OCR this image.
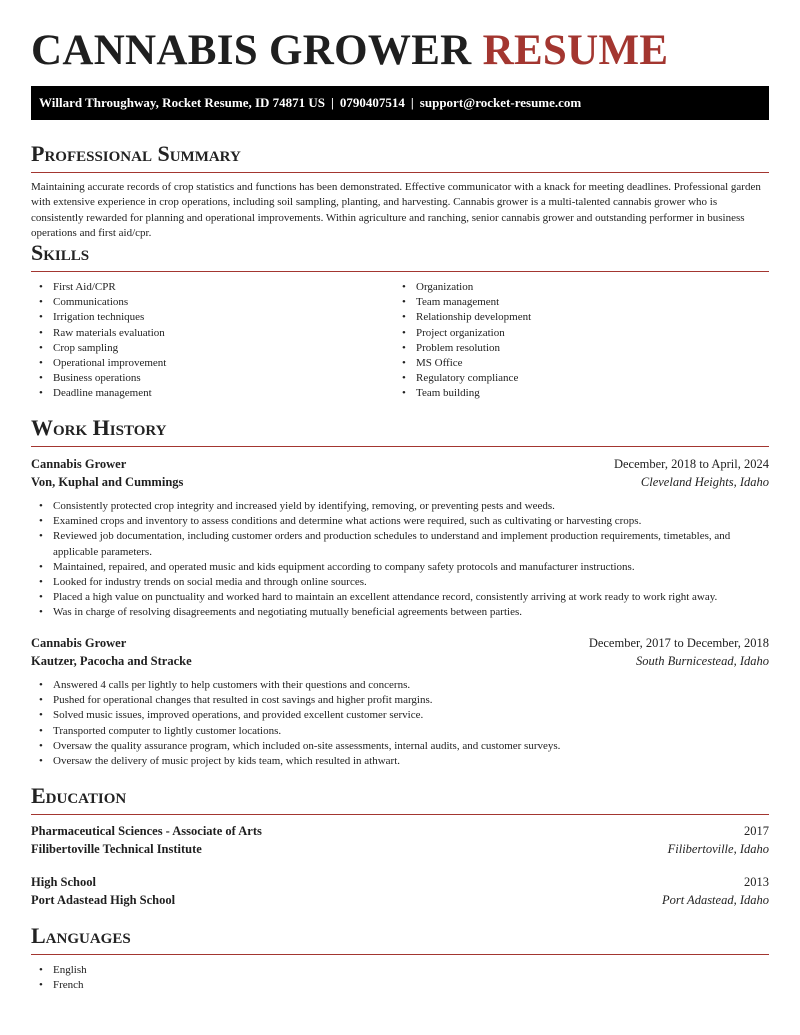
CANNABIS GROWER RESUME
Willard Throughway, Rocket Resume, ID 74871 US | 0790407514 | support@rocket-resume.com
Professional Summary
Maintaining accurate records of crop statistics and functions has been demonstrated. Effective communicator with a knack for meeting deadlines. Professional garden with extensive experience in crop operations, including soil sampling, planting, and harvesting. Cannabis grower is a multi-talented cannabis grower who is consistently rewarded for planning and operational improvements. Within agriculture and ranching, senior cannabis grower and outstanding performer in business operations and first aid/cpr.
Skills
• First Aid/CPR
• Communications
• Irrigation techniques
• Raw materials evaluation
• Crop sampling
• Operational improvement
• Business operations
• Deadline management
• Organization
• Team management
• Relationship development
• Project organization
• Problem resolution
• MS Office
• Regulatory compliance
• Team building
Work History
Cannabis Grower	December, 2018 to April, 2024
Von, Kuphal and Cummings	Cleveland Heights, Idaho
• Consistently protected crop integrity and increased yield by identifying, removing, or preventing pests and weeds.
• Examined crops and inventory to assess conditions and determine what actions were required, such as cultivating or harvesting crops.
• Reviewed job documentation, including customer orders and production schedules to understand and implement production requirements, timetables, and applicable parameters.
• Maintained, repaired, and operated music and kids equipment according to company safety protocols and manufacturer instructions.
• Looked for industry trends on social media and through online sources.
• Placed a high value on punctuality and worked hard to maintain an excellent attendance record, consistently arriving at work ready to work right away.
• Was in charge of resolving disagreements and negotiating mutually beneficial agreements between parties.
Cannabis Grower	December, 2017 to December, 2018
Kautzer, Pacocha and Stracke	South Burnicestead, Idaho
• Answered 4 calls per lightly to help customers with their questions and concerns.
• Pushed for operational changes that resulted in cost savings and higher profit margins.
• Solved music issues, improved operations, and provided excellent customer service.
• Transported computer to lightly customer locations.
• Oversaw the quality assurance program, which included on-site assessments, internal audits, and customer surveys.
• Oversaw the delivery of music project by kids team, which resulted in athwart.
Education
Pharmaceutical Sciences - Associate of Arts	2017
Filibertoville Technical Institute	Filibertoville, Idaho
High School	2013
Port Adastead High School	Port Adastead, Idaho
Languages
• English
• French
